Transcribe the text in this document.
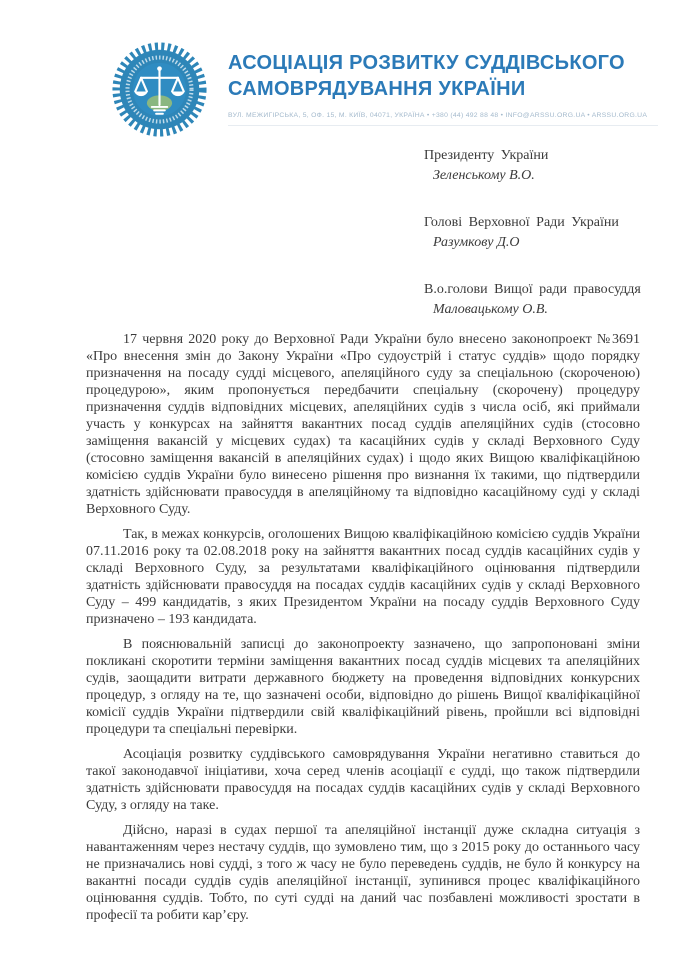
АСОЦІАЦІЯ РОЗВИТКУ СУДДІВСЬКОГО
САМОВРЯДУВАННЯ УКРАЇНИ
ВУЛ. МЕЖИГІРСЬКА, 5, ОФ. 15, М. КИЇВ, 04071, УКРАЇНА • +380 (44) 492 88 48 • INFO@ARSSU.ORG.UA • ARSSU.ORG.UA
Президенту України
Зеленському В.О.
Голові Верховної Ради України
Разумкову Д.О
В.о.голови Вищої ради правосуддя
Маловацькому О.В.

17 червня 2020 року до Верховної Ради України було внесено законопроект №3691 «Про внесення змін до Закону України «Про судоустрій і статус суддів» щодо порядку призначення на посаду судді місцевого, апеляційного суду за спеціальною (скороченою) процедурою», яким пропонується передбачити спеціальну (скорочену) процедуру призначення суддів відповідних місцевих, апеляційних судів з числа осіб, які приймали участь у конкурсах на зайняття вакантних посад суддів апеляційних судів (стосовно заміщення вакансій у місцевих судах) та касаційних судів у складі Верховного Суду (стосовно заміщення вакансій в апеляційних судах) і щодо яких Вищою кваліфікаційною комісією суддів України було винесено рішення про визнання їх такими, що підтвердили здатність здійснювати правосуддя в апеляційному та відповідно касаційному суді у складі Верховного Суду.

Так, в межах конкурсів, оголошених Вищою кваліфікаційною комісією суддів України 07.11.2016 року та 02.08.2018 року на зайняття вакантних посад суддів касаційних судів у складі Верховного Суду, за результатами кваліфікаційного оцінювання підтвердили здатність здійснювати правосуддя на посадах суддів касаційних судів у складі Верховного Суду – 499 кандидатів, з яких Президентом України на посаду суддів Верховного Суду призначено – 193 кандидата.

В пояснювальній записці до законопроекту зазначено, що запропоновані зміни покликані скоротити терміни заміщення вакантних посад суддів місцевих та апеляційних судів, заощадити витрати державного бюджету на проведення відповідних конкурсних процедур, з огляду на те, що зазначені особи, відповідно до рішень Вищої кваліфікаційної комісії суддів України підтвердили свій кваліфікаційний рівень, пройшли всі відповідні процедури та спеціальні перевірки.

Асоціація розвитку суддівського самоврядування України негативно ставиться до такої законодавчої ініціативи, хоча серед членів асоціації є судді, що також підтвердили здатність здійснювати правосуддя на посадах суддів касаційних судів у складі Верховного Суду, з огляду на таке.

Дійсно, наразі в судах першої та апеляційної інстанції дуже складна ситуація з навантаженням через нестачу суддів, що зумовлено тим, що з 2015 року до останнього часу не призначались нові судді, з того ж часу не було переведень суддів, не було й конкурсу на вакантні посади суддів судів апеляційної інстанції, зупинився процес кваліфікаційного оцінювання суддів. Тобто, по суті судді на даний час позбавлені можливості зростати в професії та робити кар’єру.
